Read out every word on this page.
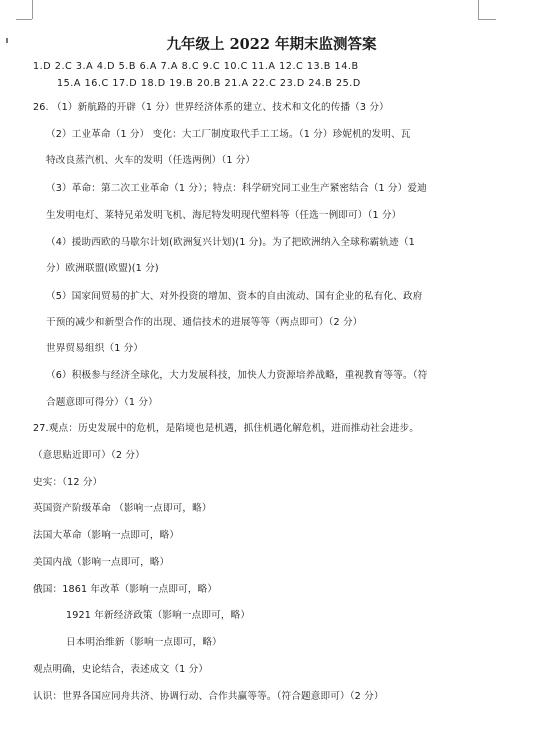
九年级上 2022 年期末监测答案
1.D 2.C 3.A 4.D 5.B 6.A 7.A 8.C 9.C 10.C 11.A 12.C 13.B 14.B
15.A 16.C 17.D 18.D 19.B 20.B 21.A 22.C 23.D 24.B 25.D
26. （1）新航路的开辟（1 分）世界经济体系的建立、技术和文化的传播（3 分）
（2）工业革命（1 分） 变化：大工厂制度取代手工工场。（1 分）珍妮机的发明、瓦
特改良蒸汽机、火车的发明（任选两例）（1 分）
（3）革命：第二次工业革命（1 分）；特点：科学研究同工业生产紧密结合（1 分）爱迪
生发明电灯、莱特兄弟发明飞机、海尼特发明现代塑料等（任选一例即可）（1 分）
（4）援助西欧的马歇尔计划(欧洲复兴计划)(1 分)。为了把欧洲纳入全球称霸轨迹（1
分）欧洲联盟(欧盟)(1 分)
（5）国家间贸易的扩大、对外投资的增加、资本的自由流动、国有企业的私有化、政府
干预的减少和新型合作的出现、通信技术的进展等等（两点即可）（2 分）
世界贸易组织（1 分）
（6）积极参与经济全球化，大力发展科技，加快人力资源培养战略，重视教育等等。（符
合题意即可得分）（1 分）
27.观点：历史发展中的危机，是陷境也是机遇，抓住机遇化解危机，进而推动社会进步。
（意思贴近即可）（2 分）
史实：（12 分）
英国资产阶级革命 （影响一点即可，略）
法国大革命（影响一点即可，略）
美国内战（影响一点即可，略）
俄国：1861 年改革（影响一点即可，略）
1921 年新经济政策（影响一点即可，略）
日本明治维新（影响一点即可，略）
观点明确，史论结合，表述成文（1 分）
认识：世界各国应同舟共济、协调行动、合作共赢等等。（符合题意即可）（2 分）
